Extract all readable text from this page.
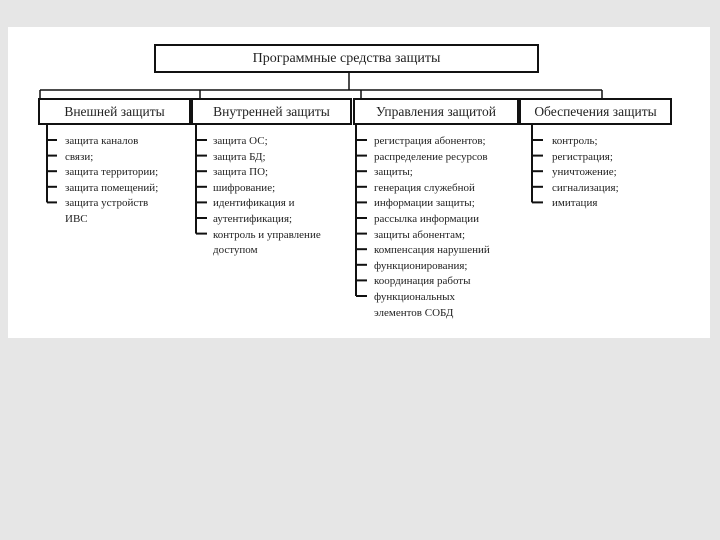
Программные средства защиты
Внешней защиты	Внутренней защиты	Управления защитой	Обеспечения защиты
защита каналов
связи;
защита территории;
защита помещений;
защита устройств
ИВС
защита ОС;
защита БД;
защита ПО;
шифрование;
идентификация и
аутентификация;
контроль и управление
доступом
регистрация абонентов;
распределение ресурсов
защиты;
генерация служебной
информации защиты;
рассылка информации
защиты абонентам;
компенсация нарушений
функционирования;
координация работы
функциональных
элементов СОБД
контроль;
регистрация;
уничтожение;
сигнализация;
имитация
